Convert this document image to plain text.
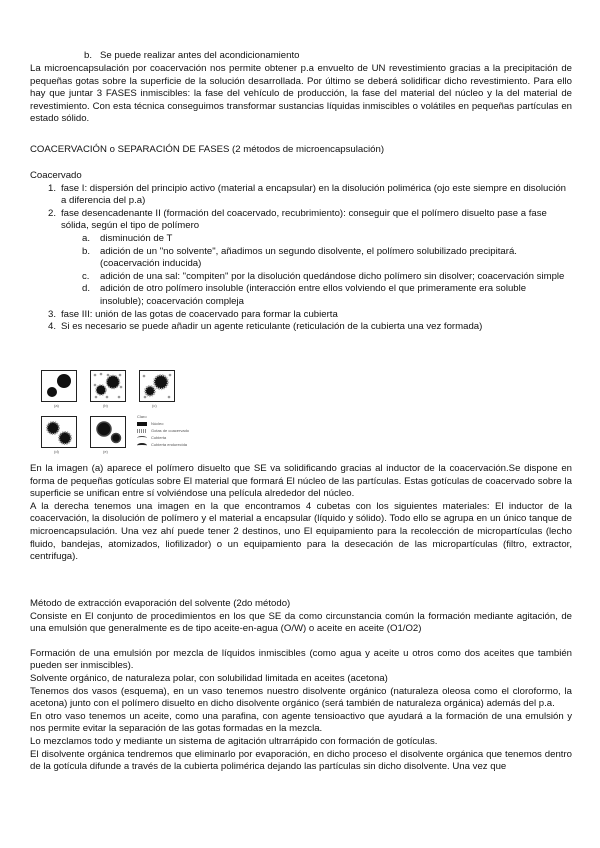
b. Se puede realizar antes del acondicionamiento

La microencapsulación por coacervación nos permite obtener p.a envuelto de UN revestimiento gracias a la precipitación de pequeñas gotas sobre la superficie de la solución desarrollada. Por último se deberá solidificar dicho revestimiento. Para ello hay que juntar 3 FASES inmiscibles: la fase del vehículo de producción, la fase del material del núcleo y la del material de revestimiento. Con esta técnica conseguimos transformar sustancias líquidas inmiscibles o volátiles en pequeñas partículas en estado sólido.

COACERVACIÓN o SEPARACIÓN DE FASES (2 métodos de microencapsulación)

Coacervado

1. fase I: dispersión del principio activo (material a encapsular) en la disolución polimérica (ojo este siempre en disolución a diferencia del p.a)
2. fase desencadenante II (formación del coacervado, recubrimiento): conseguir que el polímero disuelto pase a fase sólida, según el tipo de polímero
a. disminución de T
b. adición de un "no solvente", añadimos un segundo disolvente, el polímero solubilizado precipitará. (coacervación inducida)
c. adición de una sal: "compiten" por la disolución quedándose dicho polímero sin disolver; coacervación simple
d. adición de otro polímero insoluble (interacción entre ellos volviendo el que primeramente era soluble insoluble); coacervación compleja
3. fase III: unión de las gotas de coacervado para formar la cubierta
4. Si es necesario se puede añadir un agente reticulante (reticulación de la cubierta una vez formada)
(a)	(b)	(c)
(d)	(e)
Claro
Núcleo
Gotas de coacervado
Cubierta
Cubierta endurecida

En la imagen (a) aparece el polímero disuelto que SE va solidificando gracias al inductor de la coacervación.Se dispone en forma de pequeñas gotículas sobre El material que formará El núcleo de las partículas. Estas gotículas de coacervado sobre la superficie se unifican entre sí volviéndose una película alrededor del núcleo.

A la derecha tenemos una imagen en la que encontramos 4 cubetas con los siguientes materiales: El inductor de la coacervación, la disolución de polímero y el material a encapsular (líquido y sólido). Todo ello se agrupa en un único tanque de microencapsulación. Una vez ahí puede tener 2 destinos, uno El equipamiento para la recolección de micropartículas (lecho fluido, bandejas, atomizados, liofilizador) o un equipamiento para la desecación de las micropartículas (filtro, extractor, centrifuga).

Método de extracción evaporación del solvente (2do método)

Consiste en El conjunto de procedimientos en los que SE da como circunstancia común la formación mediante agitación, de una emulsión que generalmente es de tipo aceite-en-agua (O/W) o aceite en aceite (O1/O2)

Formación de una emulsión por mezcla de líquidos inmiscibles (como agua y aceite u otros como dos aceites que también pueden ser inmiscibles).

Solvente orgánico, de naturaleza polar, con solubilidad limitada en aceites (acetona)

Tenemos dos vasos (esquema), en un vaso tenemos nuestro disolvente orgánico (naturaleza oleosa como el cloroformo, la acetona) junto con el polímero disuelto en dicho disolvente orgánico (será también de naturaleza orgánica) además del p.a.

En otro vaso tenemos un aceite, como una parafina, con agente tensioactivo que ayudará a la formación de una emulsión y nos permite evitar la separación de las gotas formadas en la mezcla.

Lo mezclamos todo y mediante un sistema de agitación ultrarrápido con formación de gotículas.

El disolvente orgánica tendremos que eliminarlo por evaporación, en dicho proceso el disolvente orgánica que tenemos dentro de la gotícula difunde a través de la cubierta polimérica dejando las partículas sin dicho disolvente. Una vez que
